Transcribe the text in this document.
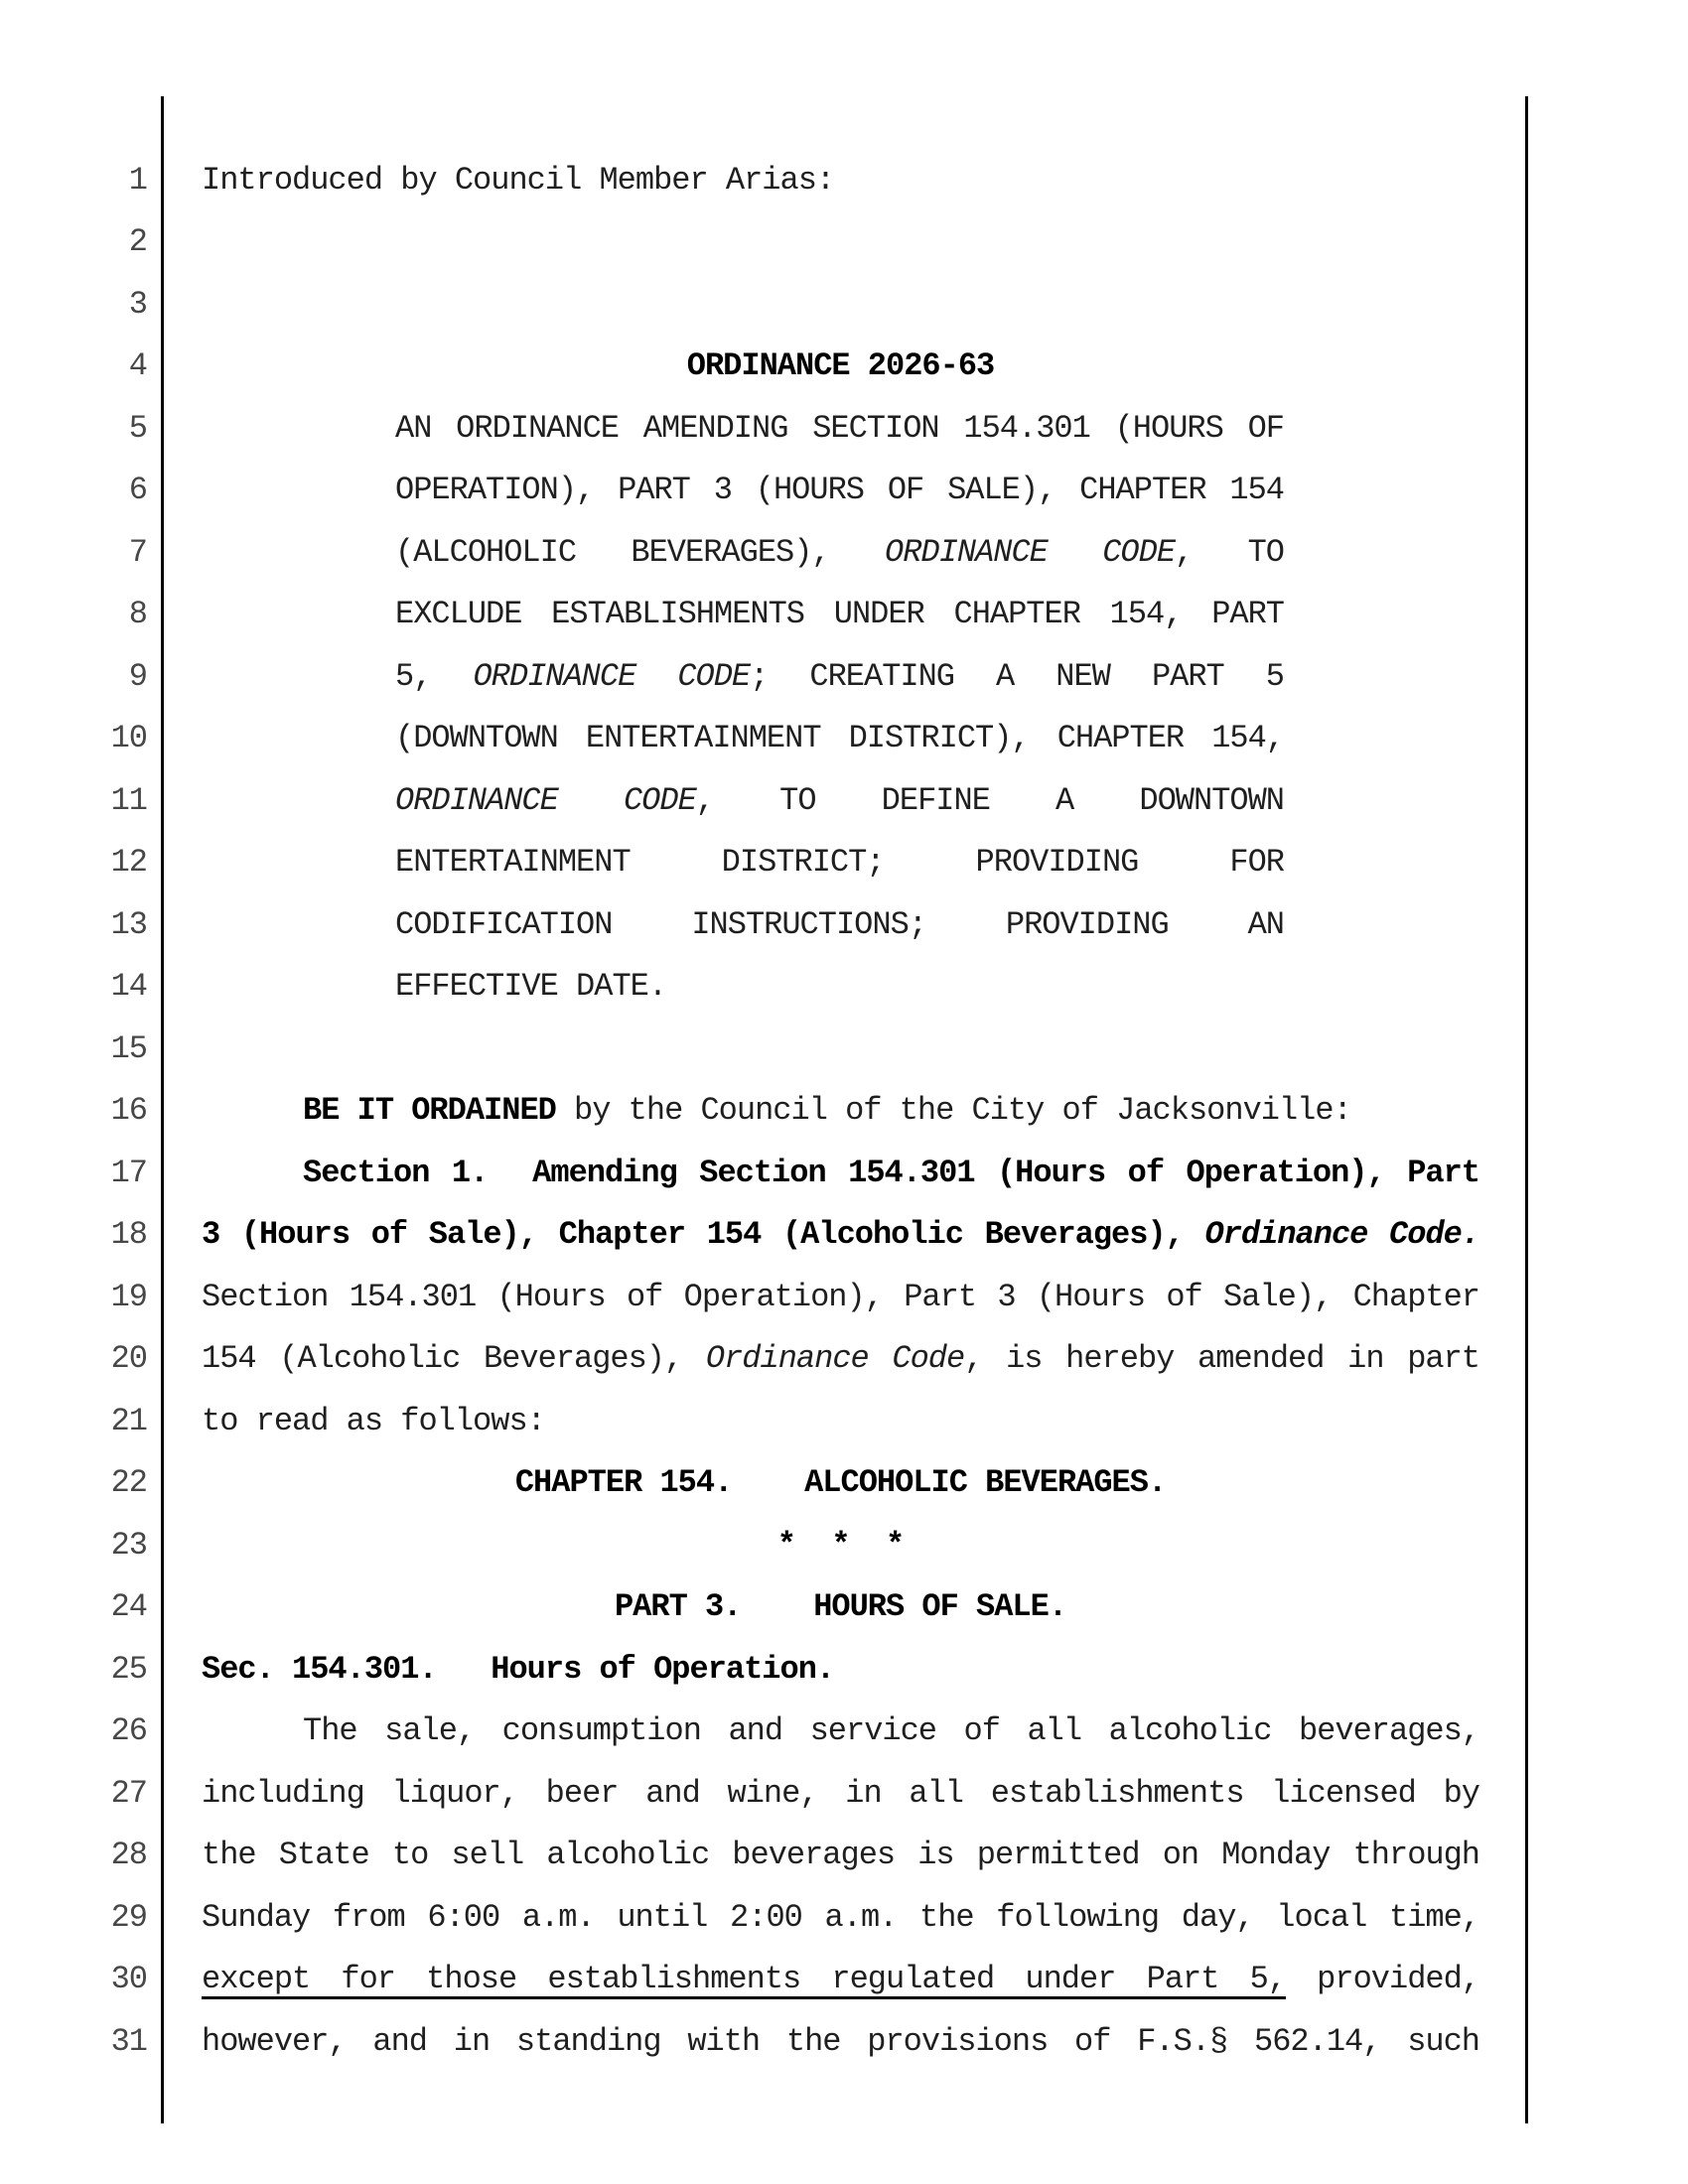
1 Introduced by Council Member Arias:
2
3
4	ORDINANCE 2026-63
5	AN ORDINANCE AMENDING SECTION 154.301 (HOURS OF
6	OPERATION), PART 3 (HOURS OF SALE), CHAPTER 154
7	(ALCOHOLIC BEVERAGES), ORDINANCE CODE, TO
8	EXCLUDE ESTABLISHMENTS UNDER CHAPTER 154, PART
9	5, ORDINANCE CODE; CREATING A NEW PART 5
10	(DOWNTOWN ENTERTAINMENT DISTRICT), CHAPTER 154,
11	ORDINANCE CODE, TO DEFINE A DOWNTOWN
12	ENTERTAINMENT DISTRICT; PROVIDING FOR
13	CODIFICATION INSTRUCTIONS; PROVIDING AN
14	EFFECTIVE DATE.
15
16	BE IT ORDAINED by the Council of the City of Jacksonville:
17	Section 1.  Amending Section 154.301 (Hours of Operation), Part
18 3 (Hours of Sale), Chapter 154 (Alcoholic Beverages), Ordinance Code.
19 Section 154.301 (Hours of Operation), Part 3 (Hours of Sale), Chapter
20 154 (Alcoholic Beverages), Ordinance Code, is hereby amended in part
21 to read as follows:
22	CHAPTER 154.    ALCOHOLIC BEVERAGES.
23	*  *  *
24	PART 3.    HOURS OF SALE.
25 Sec. 154.301.   Hours of Operation.
26	The sale, consumption and service of all alcoholic beverages,
27 including liquor, beer and wine, in all establishments licensed by
28 the State to sell alcoholic beverages is permitted on Monday through
29 Sunday from 6:00 a.m. until 2:00 a.m. the following day, local time,
30 except for those establishments regulated under Part 5, provided,
31 however, and in standing with the provisions of F.S.§ 562.14, such
